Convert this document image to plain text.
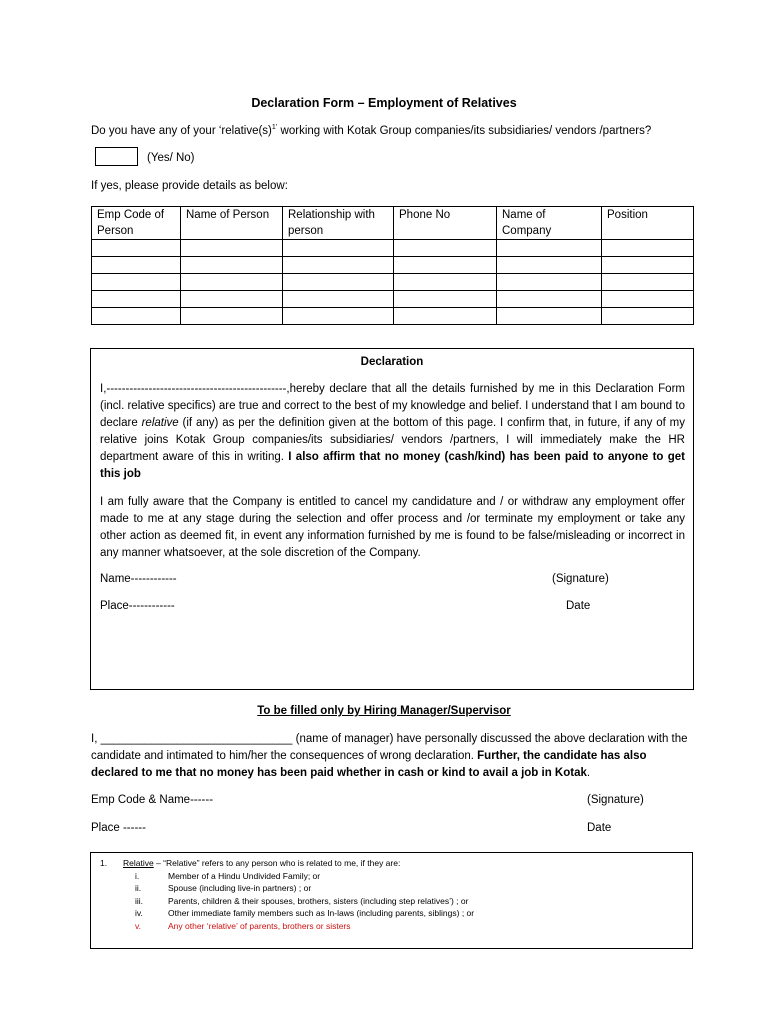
Declaration Form – Employment of Relatives
Do you have any of your ‘$relative(s)^{1’}$ working with Kotak Group companies/its subsidiaries/ vendors /partners?
(Yes/ No)
If yes, please provide details as below:
Emp Code of Person	Name of Person	Relationship with person	Phone No	Name of Company	Position

Declaration
I,-----------------------------------------------,hereby declare that all the details furnished by me in this Declaration Form (incl. relative specifics) are true and correct to the best of my knowledge and belief. I understand that I am bound to declare relative (if any) as per the definition given at the bottom of this page. I confirm that, in future, if any of my relative joins Kotak Group companies/its subsidiaries/ vendors /partners, I will immediately make the HR department aware of this in writing. I also affirm that no money (cash/kind) has been paid to anyone to get this job
I am fully aware that the Company is entitled to cancel my candidature and / or withdraw any employment offer made to me at any stage during the selection and offer process and /or terminate my employment or take any other action as deemed fit, in event any information furnished by me is found to be false/misleading or incorrect in any manner whatsoever, at the sole discretion of the Company.
Name------------	(Signature)
Place------------	Date
To be filled only by Hiring Manager/Supervisor
I, ______________________________ (name of manager) have personally discussed the above declaration with the candidate and intimated to him/her the consequences of wrong declaration. Further, the candidate has also declared to me that no money has been paid whether in cash or kind to avail a job in Kotak.
Emp Code & Name------	(Signature)
Place ------	Date
1. Relative – “Relative” refers to any person who is related to me, if they are:
i.	Member of a Hindu Undivided Family; or
ii.	Spouse (including live-in partners) ; or
iii.	Parents, children & their spouses, brothers, sisters (including step relatives’) ; or
iv.	Other immediate family members such as In-laws (including parents, siblings) ; or
v.	Any other ‘relative’ of parents, brothers or sisters
